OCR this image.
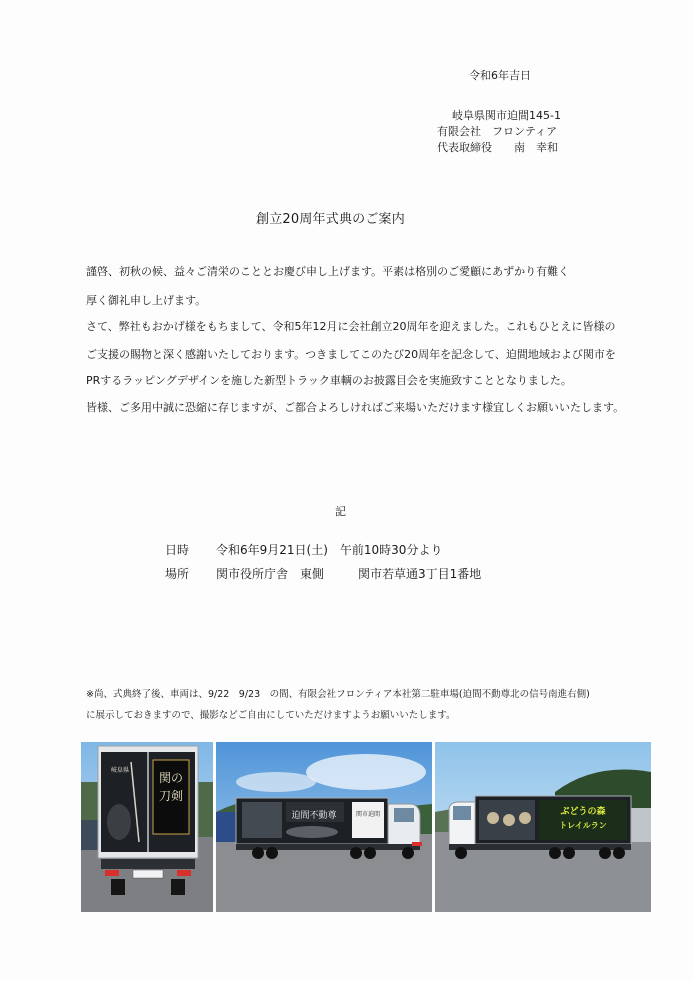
令和6年吉日
岐阜県関市迫間145-1
有限会社　フロンティア
代表取締役 南　幸和
創立20周年式典のご案内
謹啓、初秋の候、益々ご清栄のこととお慶び申し上げます。平素は格別のご愛顧にあずかり有難く
厚く御礼申し上げます。
さて、弊社もおかげ様をもちまして、令和5年12月に会社創立20周年を迎えました。これもひとえに皆様の
ご支援の賜物と深く感謝いたしております。つきましてこのたび20周年を記念して、迫間地域および関市を
PRするラッピングデザインを施した新型トラック車輌のお披露目会を実施致すこととなりました。
皆様、ご多用中誠に恐縮に存じますが、ご都合よろしければご来場いただけます様宜しくお願いいたします。
記
日時 令和6年9月21日(土)　午前10時30分より
場所 関市役所庁舎　東側	関市若草通3丁目1番地
※尚、式典終了後、車両は、9/22　9/23　の間、有限会社フロンティア本社第二駐車場(迫間不動尊北の信号南進右側)
に展示しておきますので、撮影などご自由にしていただけますようお願いいたします。
関の
刀剣
岐阜県
迫間不動尊	関市迫間	ぶどうの森
トレイルラン
